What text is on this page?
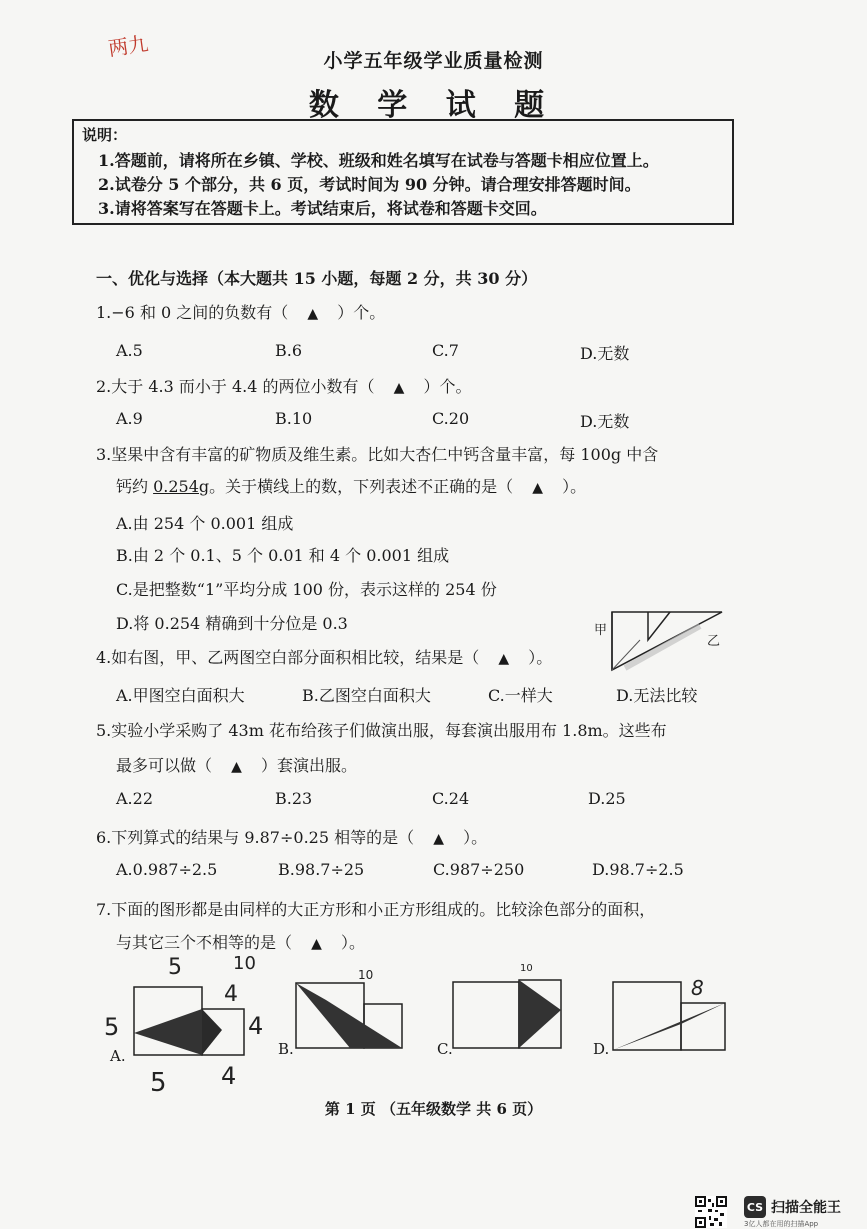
两九
小学五年级学业质量检测
数 学 试 题
说明：
1.答题前，请将所在乡镇、学校、班级和姓名填写在试卷与答题卡相应位置上。
2.试卷分 5 个部分，共 6 页，考试时间为 90 分钟。请合理安排答题时间。
3.请将答案写在答题卡上。考试结束后，将试卷和答题卡交回。
一、优化与选择（本大题共 15 小题，每题 2 分，共 30 分）
1.−6 和 0 之间的负数有（ ▲ ）个。
A.5	B.6	C.7	D.无数
2.大于 4.3 而小于 4.4 的两位小数有（ ▲ ）个。
A.9	B.10	C.20	D.无数
3.坚果中含有丰富的矿物质及维生素。比如大杏仁中钙含量丰富，每 100g 中含
钙约 0.254g。关于横线上的数，下列表述不正确的是（ ▲ ）。
A.由 254 个 0.001 组成
B.由 2 个 0.1、5 个 0.01 和 4 个 0.001 组成
C.是把整数“1”平均分成 100 份，表示这样的 254 份
D.将 0.254 精确到十分位是 0.3	甲
乙
4.如右图，甲、乙两图空白部分面积相比较，结果是（ ▲ ）。
A.甲图空白面积大	B.乙图空白面积大	C.一样大	D.无法比较
5.实验小学采购了 43m 花布给孩子们做演出服，每套演出服用布 1.8m。这些布
最多可以做（ ▲ ）套演出服。
A.22	B.23	C.24	D.25
6.下列算式的结果与 9.87÷0.25 相等的是（ ▲ ）。
A.0.987÷2.5	B.98.7÷25	C.987÷250	D.98.7÷2.5
7.下面的图形都是由同样的大正方形和小正方形组成的。比较涂色部分的面积，
与其它三个不相等的是（ ▲ ）。
A.	B.	C.	D.
5	10
4
5	4
5 4
10	10
8
第 1 页 （五年级数学 共 6 页）
CS 扫描全能王
3亿人都在用的扫描App
